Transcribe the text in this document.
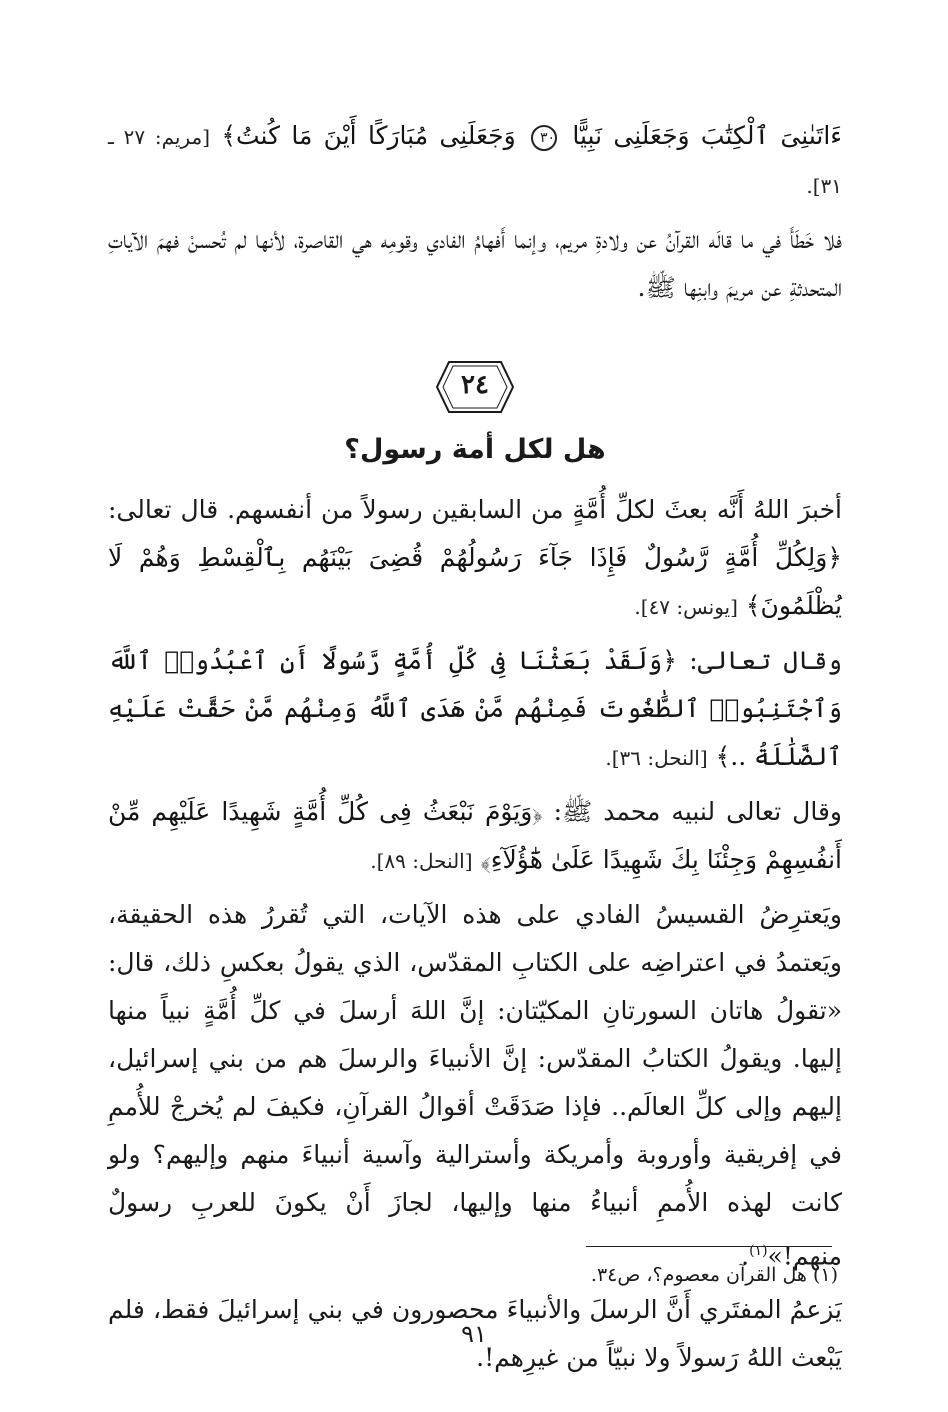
ءَاتَىٰنِىَ ٱلْكِتَٰبَ وَجَعَلَنِى نَبِيًّا ٣٠ وَجَعَلَنِى مُبَارَكًا أَيْنَ مَا كُنتُ﴾ [مريم: ٢٧ ـ ٣١].

فلا خَطَأَ في ما قالَه القرآنُ عن ولادةِ مريم، وإنما أَفهامُ الفادي وقومِه هي القاصرة، لأنها لم تُحسنْ فهمَ الآياتِ المتحدثةِ عن مريمَ وابنِها ﷺ.

٢٤
هل لكل أمة رسول؟

أخبرَ اللهُ أَنَّه بعثَ لكلِّ أُمَّةٍ من السابقين رسولاً من أنفسهم. قال تعالى: ﴿وَلِكُلِّ أُمَّةٍ رَّسُولٌ فَإِذَا جَآءَ رَسُولُهُمْ قُضِىَ بَيْنَهُم بِٱلْقِسْطِ وَهُمْ لَا يُظْلَمُونَ﴾ [يونس: ٤٧].

وقال تعالى: ﴿وَلَقَدْ بَعَثْنَا فِى كُلِّ أُمَّةٍ رَّسُولًا أَنِ ٱعْبُدُوا۟ ٱللَّهَ وَٱجْتَنِبُوا۟ ٱلطَّٰغُوتَ فَمِنْهُم مَّنْ هَدَى ٱللَّهُ وَمِنْهُم مَّنْ حَقَّتْ عَلَيْهِ ٱلضَّلَٰلَةُ ..﴾ [النحل: ٣٦].

وقال تعالى لنبيه محمد ﷺ: ﴿وَيَوْمَ نَبْعَثُ فِى كُلِّ أُمَّةٍ شَهِيدًا عَلَيْهِم مِّنْ أَنفُسِهِمْ وَجِئْنَا بِكَ شَهِيدًا عَلَىٰ هَٰٓؤُلَآءِ﴾ [النحل: ٨٩].

ويَعترِضُ القسيسُ الفادي على هذه الآيات، التي تُقررُ هذه الحقيقة، ويَعتمدُ في اعتراضِه على الكتابِ المقدّس، الذي يقولُ بعكسِ ذلك، قال: «تقولُ هاتان السورتانِ المكيّتان: إنَّ اللهَ أرسلَ في كلِّ أُمَّةٍ نبياً منها إليها. ويقولُ الكتابُ المقدّس: إنَّ الأنبياءَ والرسلَ هم من بني إسرائيل، إليهم وإلى كلِّ العالَم.. فإذا صَدَقَتْ أقوالُ القرآنِ، فكيفَ لم يُخرجْ للأُممِ في إفريقية وأوروبة وأمريكة وأسترالية وآسية أنبياءَ منهم وإليهم؟ ولو كانت لهذه الأُممِ أنبياءُ منها وإليها، لجازَ أَنْ يكونَ للعربِ رسولٌ منهم!»$^{(١)}$.

يَزعمُ المفتَري أَنَّ الرسلَ والأنبياءَ محصورون في بني إسرائيلَ فقط، فلم يَبْعث اللهُ رَسولاً ولا نبيّاً من غيرِهم!.

(١) هل القرآن معصوم؟، ص٣٤.
٩١
